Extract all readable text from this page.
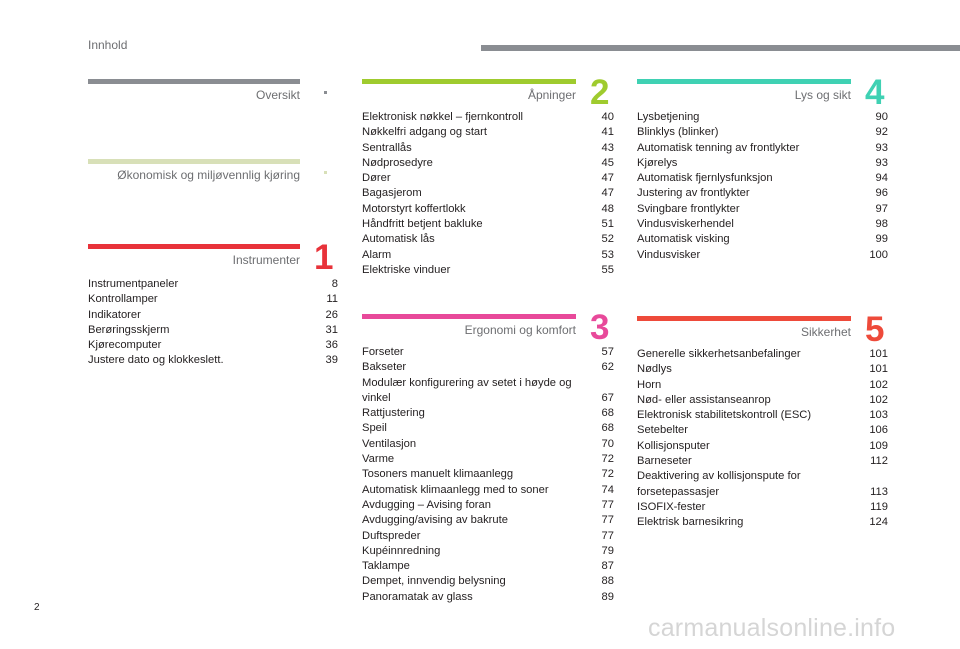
Innhold
Oversikt
Økonomisk og miljøvennlig kjøring
Instrumenter 1
Instrumentpaneler	8
Kontrollamper	11
Indikatorer	26
Berøringsskjerm	31
Kjørecomputer	36
Justere dato og klokkeslett.	39
Åpninger 2
Elektronisk nøkkel – fjernkontroll	40
Nøkkelfri adgang og start	41
Sentrallås	43
Nødprosedyre	45
Dører	47
Bagasjerom	47
Motorstyrt koffertlokk	48
Håndfritt betjent bakluke	51
Automatisk lås	52
Alarm	53
Elektriske vinduer	55
Ergonomi og komfort 3
Forseter	57
Bakseter	62
Modulær konfigurering av setet i høyde og vinkel	67
Rattjustering	68
Speil	68
Ventilasjon	70
Varme	72
Tosoners manuelt klimaanlegg	72
Automatisk klimaanlegg med to soner	74
Avdugging – Avising foran	77
Avdugging/avising av bakrute	77
Duftspreder	77
Kupéinnredning	79
Taklampe	87
Dempet, innvendig belysning	88
Panoramatak av glass	89
Lys og sikt 4
Lysbetjening	90
Blinklys (blinker)	92
Automatisk tenning av frontlykter	93
Kjørelys	93
Automatisk fjernlysfunksjon	94
Justering av frontlykter	96
Svingbare frontlykter	97
Vindusviskerhendel	98
Automatisk visking	99
Vindusvisker	100
Sikkerhet 5
Generelle sikkerhetsanbefalinger	101
Nødlys	101
Horn	102
Nød- eller assistanseanrop	102
Elektronisk stabilitetskontroll (ESC)	103
Setebelter	106
Kollisjonsputer	109
Barneseter	112
Deaktivering av kollisjonspute for forsetepassasjer	113
ISOFIX-fester	119
Elektrisk barnesikring	124
2
carmanualsonline.info
